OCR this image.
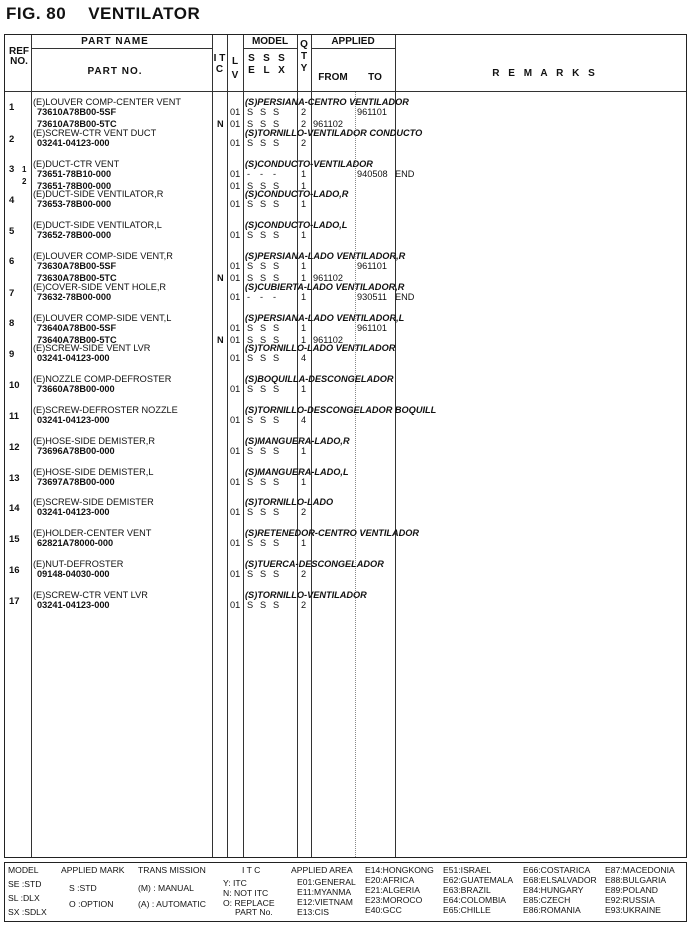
FIG. 80 VENTILATOR
REF NO.
PART NAME
PART NO.
I T C
L V
MODEL
S E
S L
S X
Q T Y
APPLIED
FROM	TO	R E M A R K S
1	(E)LOUVER COMP-CENTER VENT	(S)PERSIANA-CENTRO VENTILADOR
73610A78B00-5SF	01 S S S	2	961101
73610A78B00-5TC	N 01 S S S	2 961102
2
(E)SCREW-CTR VENT DUCT	(S)TORNILLO-VENTILADOR CONDUCTO
03241-04123-000	01 S S S	2
3	(E)DUCT-CTR VENT	(S)CONDUCTO-VENTILADOR
1 73651-78B10-000	01 - - -	1	940508 END
2 73651-78B00-000	01 S S S	1
4
(E)DUCT-SIDE VENTILATOR,R	(S)CONDUCTO-LADO,R
73653-78B00-000	01 S S S	1
5
(E)DUCT-SIDE VENTILATOR,L	(S)CONDUCTO-LADO,L
73652-78B00-000	01 S S S	1
6	(E)LOUVER COMP-SIDE VENT,R	(S)PERSIANA-LADO VENTILADOR,R
73630A78B00-5SF	01 S S S	1	961101
73630A78B00-5TC	N 01 S S S	1 961102
7
(E)COVER-SIDE VENT HOLE,R	(S)CUBIERTA-LADO VENTILADOR,R
73632-78B00-000	01 - - -	1	930511 END
8	(E)LOUVER COMP-SIDE VENT,L	(S)PERSIANA-LADO VENTILADOR,L
73640A78B00-5SF	01 S S S	1	961101
73640A78B00-5TC	N 01 S S S	1 961102
9
(E)SCREW-SIDE VENT LVR	(S)TORNILLO-LADO VENTILADOR
03241-04123-000	01 S S S	4
10
(E)NOZZLE COMP-DEFROSTER	(S)BOQUILLA-DESCONGELADOR
73660A78B00-000	01 S S S	1
11
(E)SCREW-DEFROSTER NOZZLE	(S)TORNILLO-DESCONGELADOR BOQUILL
03241-04123-000	01 S S S	4
12
(E)HOSE-SIDE DEMISTER,R	(S)MANGUERA-LADO,R
73696A78B00-000	01 S S S	1
13
(E)HOSE-SIDE DEMISTER,L	(S)MANGUERA-LADO,L
73697A78B00-000	01 S S S	1
14
(E)SCREW-SIDE DEMISTER	(S)TORNILLO-LADO
03241-04123-000	01 S S S	2
15
(E)HOLDER-CENTER VENT	(S)RETENEDOR-CENTRO VENTILADOR
62821A78000-000	01 S S S	1
16
(E)NUT-DEFROSTER	(S)TUERCA-DESCONGELADOR
09148-04030-000	01 S S S	2
17
(E)SCREW-CTR VENT LVR	(S)TORNILLO-VENTILADOR
03241-04123-000	01 S S S	2
MODEL
SE :STD
SL :DLX
SX :SDLX
APPLIED MARK
S :STD
O :OPTION
TRANS MISSION
(M) : MANUAL
(A) : AUTOMATIC
I T C
Y: ITC
N: NOT ITC
O: REPLACE
PART No.
APPLIED AREA
E01:GENERAL
E11:MYANMA
E12:VIETNAM
E13:CIS
E14:HONGKONG
E20:AFRICA
E21:ALGERIA
E23:MOROCO
E40:GCC
E51:ISRAEL
E62:GUATEMALA
E63:BRAZIL
E64:COLOMBIA
E65:CHILLE
E66:COSTARICA
E68:ELSALVADOR
E84:HUNGARY
E85:CZECH
E86:ROMANIA
E87:MACEDONIA
E88:BULGARIA
E89:POLAND
E92:RUSSIA
E93:UKRAINE
